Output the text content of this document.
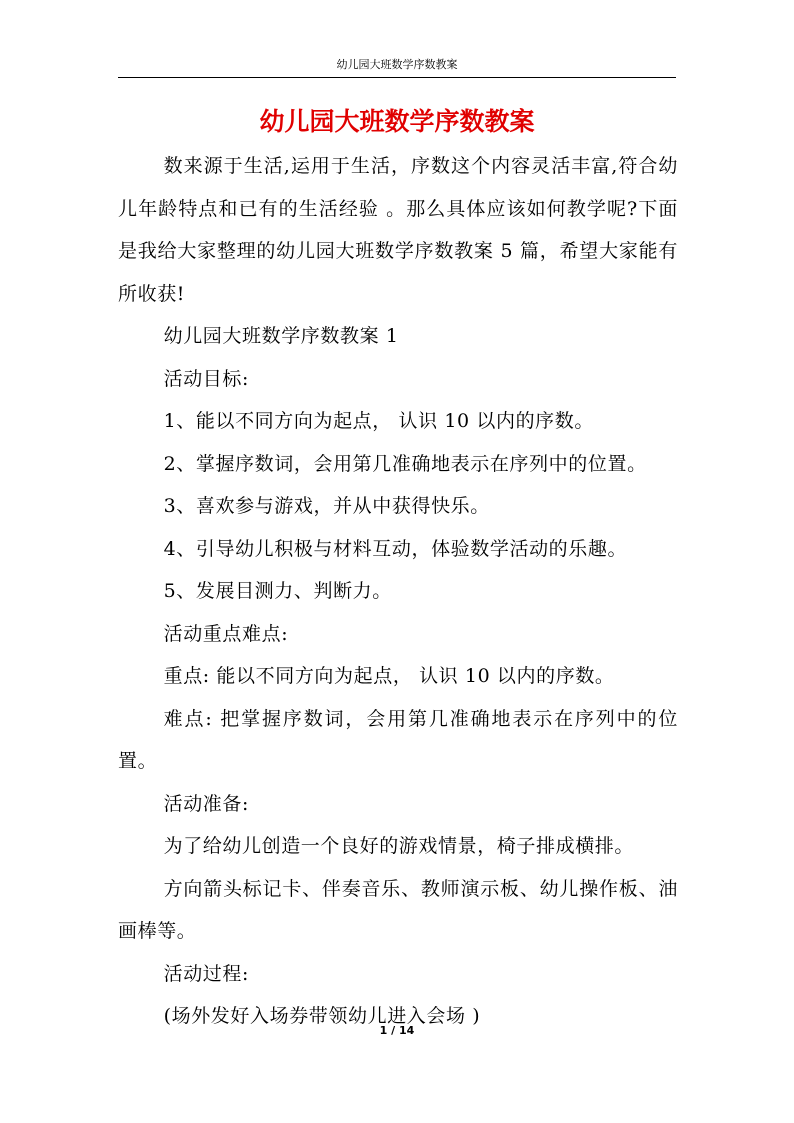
幼儿园大班数学序数教案
幼儿园大班数学序数教案

数来源于生活,运用于生活，序数这个内容灵活丰富,符合幼儿年龄特点和已有的生活经验 。那么具体应该如何教学呢?下面是我给大家整理的幼儿园大班数学序数教案 5 篇，希望大家能有所收获!

幼儿园大班数学序数教案 1

活动目标:

1、能以不同方向为起点， 认识 10 以内的序数。

2、掌握序数词，会用第几准确地表示在序列中的位置。

3、喜欢参与游戏，并从中获得快乐。

4、引导幼儿积极与材料互动，体验数学活动的乐趣。

5、发展目测力、判断力。

活动重点难点:

重点: 能以不同方向为起点， 认识 10 以内的序数。

难点: 把掌握序数词，会用第几准确地表示在序列中的位置。

活动准备:

为了给幼儿创造一个良好的游戏情景，椅子排成横排。

方向箭头标记卡、伴奏音乐、教师演示板、幼儿操作板、油画棒等。

活动过程:

(场外发好入场券带领幼儿进入会场 )

1 / 14
